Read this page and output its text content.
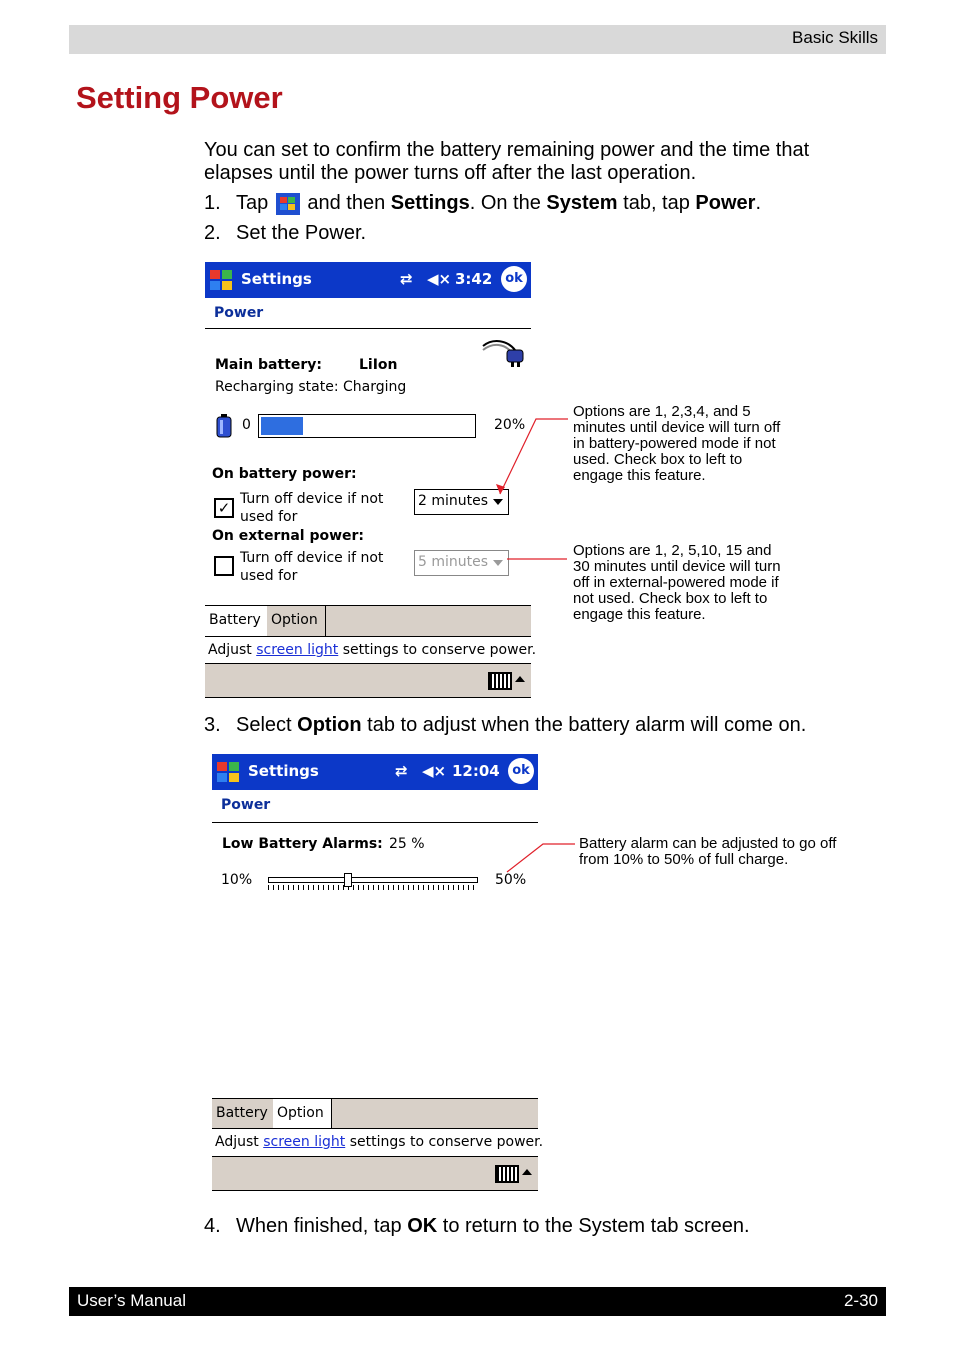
Basic Skills
Setting Power
You can set to confirm the battery remaining power and the time that elapses until the power turns off after the last operation.
1. Tap and then Settings. On the System tab, tap Power.
2. Set the Power.
Settings	⇄ ◀× 3:42 ok
Power
Main battery:	LiIon
Recharging state: Charging
0	20%
On battery power:
✓ Turn off device if not
used for
2 minutes
On external power:
Turn off device if not
used for
5 minutes
Battery Option
Adjust screen light settings to conserve power.
Options are 1, 2,3,4, and 5
minutes until device will turn off
in battery-powered mode if not
used. Check box to left to
engage this feature.
Options are 1, 2, 5,10, 15 and
30 minutes until device will turn
off in external-powered mode if
not used. Check box to left to
engage this feature.
3. Select Option tab to adjust when the battery alarm will come on.
Settings	⇄ ◀× 12:04 ok
Power
Low Battery Alarms: 25 %
10%	50%
Battery Option
Adjust screen light settings to conserve power.
Battery alarm can be adjusted to go off
from 10% to 50% of full charge.
4. When finished, tap OK to return to the System tab screen.
User’s Manual	2-30
